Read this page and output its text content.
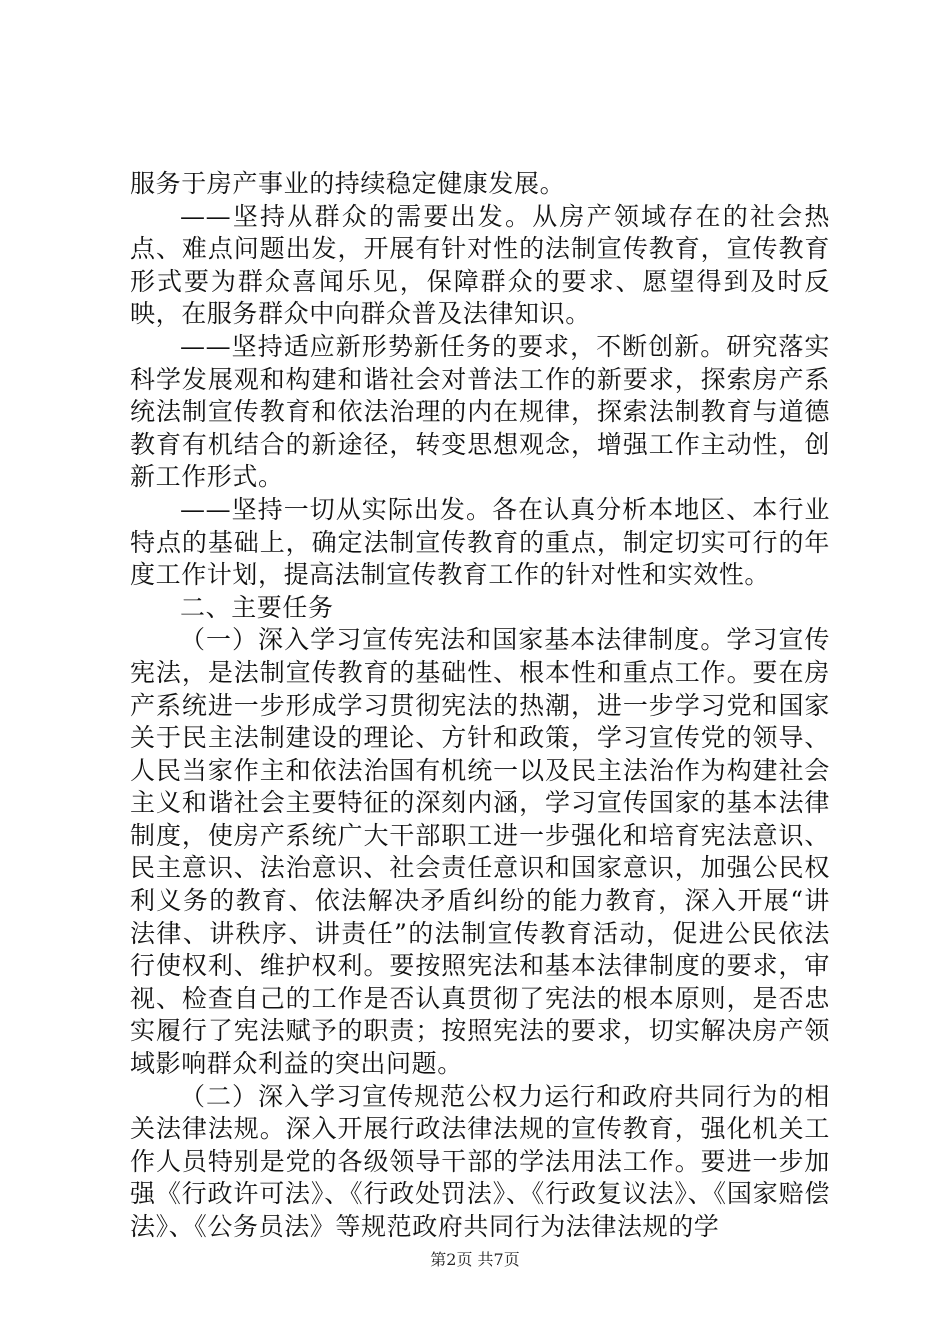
服务于房产事业的持续稳定健康发展。

——坚持从群众的需要出发。从房产领域存在的社会热点、难点问题出发，开展有针对性的法制宣传教育，宣传教育形式要为群众喜闻乐见，保障群众的要求、愿望得到及时反映，在服务群众中向群众普及法律知识。

——坚持适应新形势新任务的要求，不断创新。研究落实科学发展观和构建和谐社会对普法工作的新要求，探索房产系统法制宣传教育和依法治理的内在规律，探索法制教育与道德教育有机结合的新途径，转变思想观念，增强工作主动性，创新工作形式。

——坚持一切从实际出发。各在认真分析本地区、本行业特点的基础上，确定法制宣传教育的重点，制定切实可行的年度工作计划，提高法制宣传教育工作的针对性和实效性。

二、主要任务

（一）深入学习宣传宪法和国家基本法律制度。学习宣传宪法，是法制宣传教育的基础性、根本性和重点工作。要在房产系统进一步形成学习贯彻宪法的热潮，进一步学习党和国家关于民主法制建设的理论、方针和政策，学习宣传党的领导、人民当家作主和依法治国有机统一以及民主法治作为构建社会主义和谐社会主要特征的深刻内涵，学习宣传国家的基本法律制度，使房产系统广大干部职工进一步强化和培育宪法意识、民主意识、法治意识、社会责任意识和国家意识，加强公民权利义务的教育、依法解决矛盾纠纷的能力教育，深入开展“讲法律、讲秩序、讲责任”的法制宣传教育活动，促进公民依法行使权利、维护权利。要按照宪法和基本法律制度的要求，审视、检查自己的工作是否认真贯彻了宪法的根本原则，是否忠实履行了宪法赋予的职责；按照宪法的要求，切实解决房产领域影响群众利益的突出问题。

（二）深入学习宣传规范公权力运行和政府共同行为的相关法律法规。深入开展行政法律法规的宣传教育，强化机关工作人员特别是党的各级领导干部的学法用法工作。要进一步加强《行政许可法》、《行政处罚法》、《行政复议法》、《国家赔偿法》、《公务员法》等规范政府共同行为法律法规的学

第2页 共7页
